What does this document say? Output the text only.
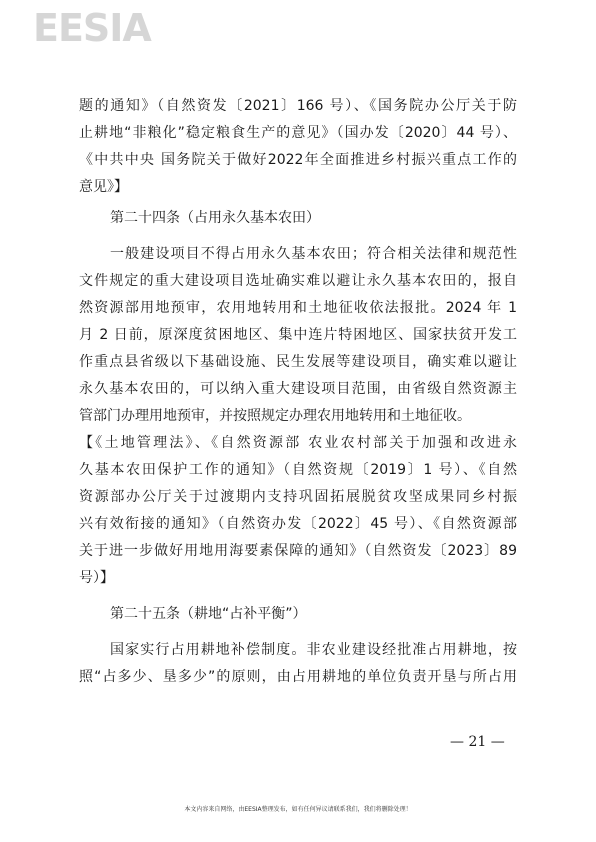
EESIA
题的通知》（自然资发〔2021〕166 号）、《国务院办公厅关于防
止耕地“非粮化”稳定粮食生产的意见》（国办发〔2020〕44 号）、
《中共中央 国务院关于做好2022年全面推进乡村振兴重点工作的
意见》】
第二十四条（占用永久基本农田）
一般建设项目不得占用永久基本农田；符合相关法律和规范性
文件规定的重大建设项目选址确实难以避让永久基本农田的，报自
然资源部用地预审，农用地转用和土地征收依法报批。2024 年 1
月 2 日前，原深度贫困地区、集中连片特困地区、国家扶贫开发工
作重点县省级以下基础设施、民生发展等建设项目，确实难以避让
永久基本农田的，可以纳入重大建设项目范围，由省级自然资源主
管部门办理用地预审，并按照规定办理农用地转用和土地征收。
【《土地管理法》、《自然资源部 农业农村部关于加强和改进永
久基本农田保护工作的通知》（自然资规〔2019〕1 号）、《自然
资源部办公厅关于过渡期内支持巩固拓展脱贫攻坚成果同乡村振
兴有效衔接的通知》（自然资办发〔2022〕45 号）、《自然资源部
关于进一步做好用地用海要素保障的通知》（自然资发〔2023〕89
号）】
第二十五条（耕地“占补平衡”）
国家实行占用耕地补偿制度。非农业建设经批准占用耕地，按
照“占多少、垦多少”的原则，由占用耕地的单位负责开垦与所占用
— 21 —
本文内容来自网络，由EESIA整理发布，如有任何异议请联系我们，我们将删除处理！
